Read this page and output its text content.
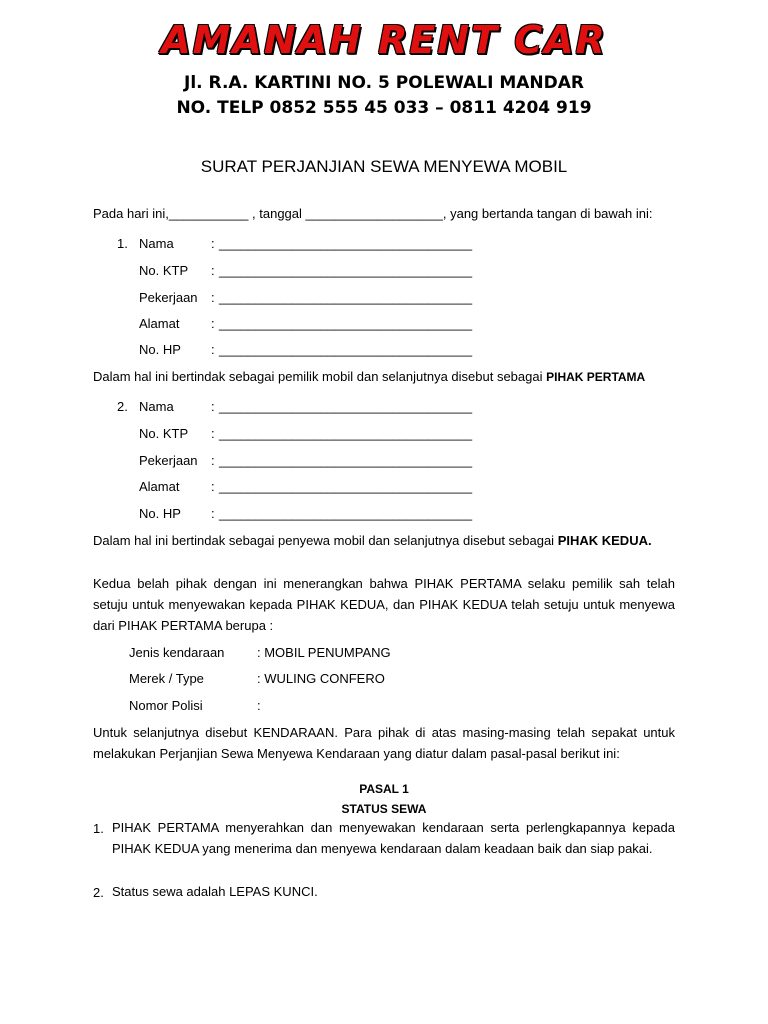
AMANAH RENT CAR
Jl. R.A. KARTINI NO. 5 POLEWALI MANDAR
NO. TELP 0852 555 45 033 – 0811 4204 919
SURAT PERJANJIAN SEWA MENYEWA MOBIL
Pada hari ini,___________ , tanggal ___________________, yang bertanda tangan di bawah ini:
1. Nama	: ___________________________________
No. KTP : ___________________________________
Pekerjaan : ___________________________________
Alamat : ___________________________________
No. HP : ___________________________________
Dalam hal ini bertindak sebagai pemilik mobil dan selanjutnya disebut sebagai PIHAK PERTAMA
2. Nama	: ___________________________________
No. KTP : ___________________________________
Pekerjaan : ___________________________________
Alamat : ___________________________________
No. HP : ___________________________________
Dalam hal ini bertindak sebagai penyewa mobil dan selanjutnya disebut sebagai PIHAK KEDUA.
Kedua belah pihak dengan ini menerangkan bahwa PIHAK PERTAMA selaku pemilik sah telah setuju untuk menyewakan kepada PIHAK KEDUA, dan PIHAK KEDUA telah setuju untuk menyewa dari PIHAK PERTAMA berupa :
Jenis kendaraan	: MOBIL PENUMPANG
Merek / Type	: WULING CONFERO
Nomor Polisi	:
Untuk selanjutnya disebut KENDARAAN. Para pihak di atas masing-masing telah sepakat untuk melakukan Perjanjian Sewa Menyewa Kendaraan yang diatur dalam pasal-pasal berikut ini:
PASAL 1
STATUS SEWA
1. PIHAK PERTAMA menyerahkan dan menyewakan kendaraan serta perlengkapannya kepada PIHAK KEDUA yang menerima dan menyewa kendaraan dalam keadaan baik dan siap pakai.
2. Status sewa adalah LEPAS KUNCI.
